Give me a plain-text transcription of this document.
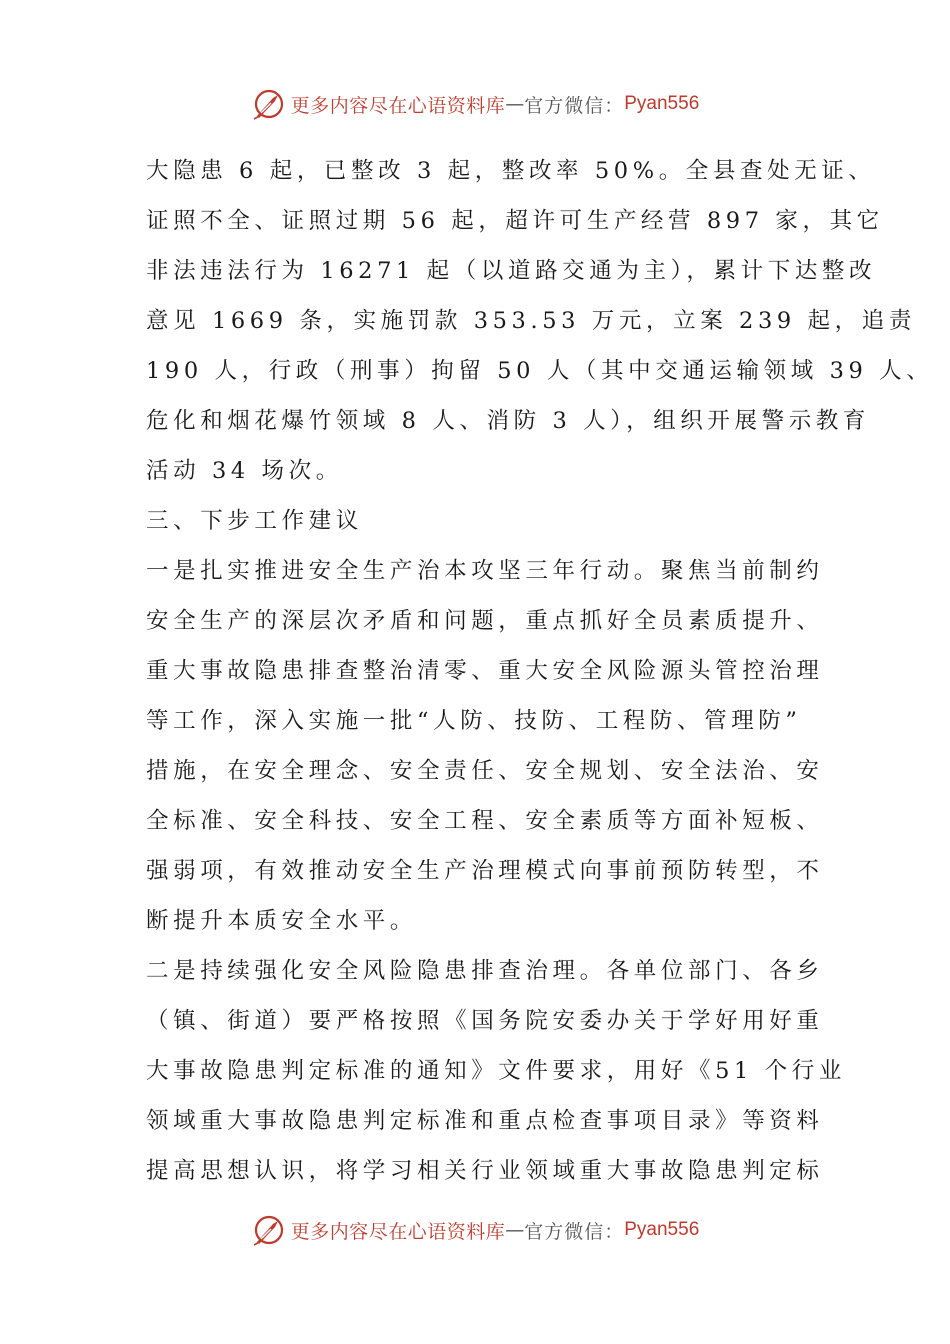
更多内容尽在心语资料库 — 官方微信： Pyan556
大隐患 6 起，已整改 3 起，整改率 50%。全县查处无证、
证照不全、证照过期 56 起，超许可生产经营 897 家，其它
非法违法行为 16271 起（以道路交通为主），累计下达整改
意见 1669 条，实施罚款 353.53 万元，立案 239 起，追责
190 人，行政（刑事）拘留 50 人（其中交通运输领域 39 人、
危化和烟花爆竹领域 8 人、消防 3 人），组织开展警示教育
活动 34 场次。
三、下步工作建议
一是扎实推进安全生产治本攻坚三年行动。聚焦当前制约
安全生产的深层次矛盾和问题，重点抓好全员素质提升、
重大事故隐患排查整治清零、重大安全风险源头管控治理
等工作，深入实施一批“人防、技防、工程防、管理防”
措施，在安全理念、安全责任、安全规划、安全法治、安
全标准、安全科技、安全工程、安全素质等方面补短板、
强弱项，有效推动安全生产治理模式向事前预防转型，不
断提升本质安全水平。
二是持续强化安全风险隐患排查治理。各单位部门、各乡
（镇、街道）要严格按照《国务院安委办关于学好用好重
大事故隐患判定标准的通知》文件要求，用好《51 个行业
领域重大事故隐患判定标准和重点检查事项目录》等资料
提高思想认识，将学习相关行业领域重大事故隐患判定标
更多内容尽在心语资料库 — 官方微信： Pyan556
